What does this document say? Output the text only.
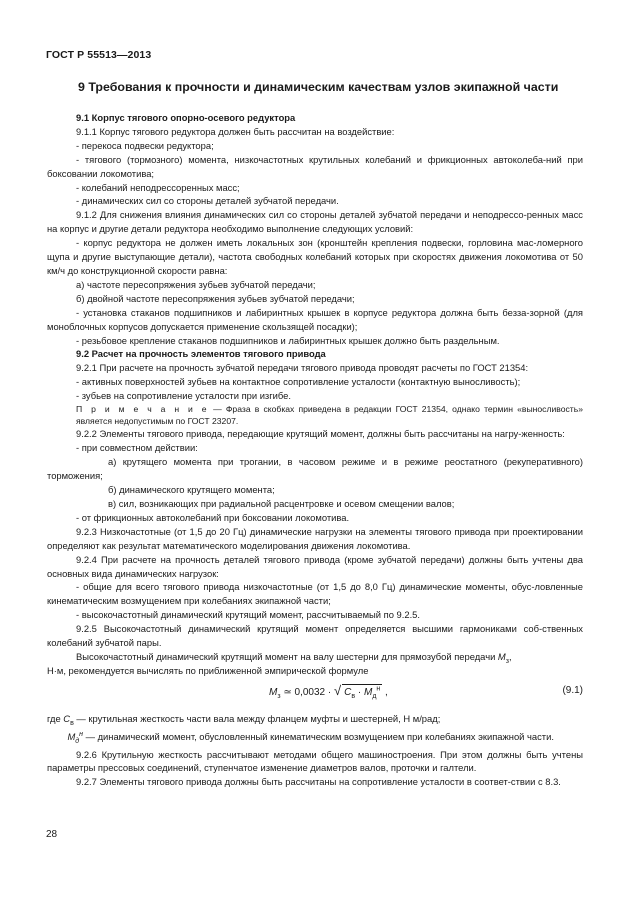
ГОСТ Р 55513—2013
9 Требования к прочности и динамическим качествам узлов экипажной части

9.1 Корпус тягового опорно-осевого редуктора

9.1.1 Корпус тягового редуктора должен быть рассчитан на воздействие:

- перекоса подвески редуктора;

- тягового (тормозного) момента, низкочастотных крутильных колебаний и фрикционных автоколеба-ний при боксовании локомотива;

- колебаний неподрессоренных масс;

- динамических сил со стороны деталей зубчатой передачи.

9.1.2 Для снижения влияния динамических сил со стороны деталей зубчатой передачи и неподрессо-ренных масс на корпус и другие детали редуктора необходимо выполнение следующих условий:

- корпус редуктора не должен иметь локальных зон (кронштейн крепления подвески, горловина мас-ломерного щупа и другие выступающие детали), частота свободных колебаний которых при скоростях движения локомотива от 50 км/ч до конструкционной скорости равна:

а) частоте пересопряжения зубьев зубчатой передачи;

б) двойной частоте пересопряжения зубьев зубчатой передачи;

- установка стаканов подшипников и лабиринтных крышек в корпусе редуктора должна быть безза-зорной (для моноблочных корпусов допускается применение скользящей посадки);

- резьбовое крепление стаканов подшипников и лабиринтных крышек должно быть раздельным.

9.2 Расчет на прочность элементов тягового привода

9.2.1 При расчете на прочность зубчатой передачи тягового привода проводят расчеты по ГОСТ 21354:

- активных поверхностей зубьев на контактное сопротивление усталости (контактную выносливость);

- зубьев на сопротивление усталости при изгибе.

П р и м е ч а н и е — Фраза в скобках приведена в редакции ГОСТ 21354, однако термин «выносливость» является недопустимым по ГОСТ 23207.

9.2.2 Элементы тягового привода, передающие крутящий момент, должны быть рассчитаны на нагру-женность:

- при совместном действии:

а) крутящего момента при трогании, в часовом режиме и в режиме реостатного (рекуперативного) торможения;

б) динамического крутящего момента;

в) сил, возникающих при радиальной расцентровке и осевом смещении валов;

- от фрикционных автоколебаний при боксовании локомотива.

9.2.3 Низкочастотные (от 1,5 до 20 Гц) динамические нагрузки на элементы тягового привода при проектировании определяют как результат математического моделирования движения локомотива.

9.2.4 При расчете на прочность деталей тягового привода (кроме зубчатой передачи) должны быть учтены два основных вида динамических нагрузок:

- общие для всего тягового привода низкочастотные (от 1,5 до 8,0 Гц) динамические моменты, обус-ловленные кинематическим возмущением при колебаниях экипажной части;

- высокочастотный динамический крутящий момент, рассчитываемый по 9.2.5.

9.2.5 Высокочастотный динамический крутящий момент определяется высшими гармониками соб-ственных колебаний зубчатой пары.

Высокочастотный динамический крутящий момент на валу шестерни для прямозубой передачи $M_з$,
Н·м, рекомендуется вычислять по приближенной эмпирической формуле

$M_з$ ≃ 0,0032 · √ $C_в \cdot M_д^н$ ,	(9.1)

где $C_в$ — крутильная жесткость части вала между фланцем муфты и шестерней, Н м/рад;

$M_д^н$ — динамический момент, обусловленный кинематическим возмущением при колебаниях экипажной части.

9.2.6 Крутильную жесткость рассчитывают методами общего машиностроения. При этом должны быть учтены параметры прессовых соединений, ступенчатое изменение диаметров валов, проточки и галтели.

9.2.7 Элементы тягового привода должны быть рассчитаны на сопротивление усталости в соответ-ствии с 8.3.

28
